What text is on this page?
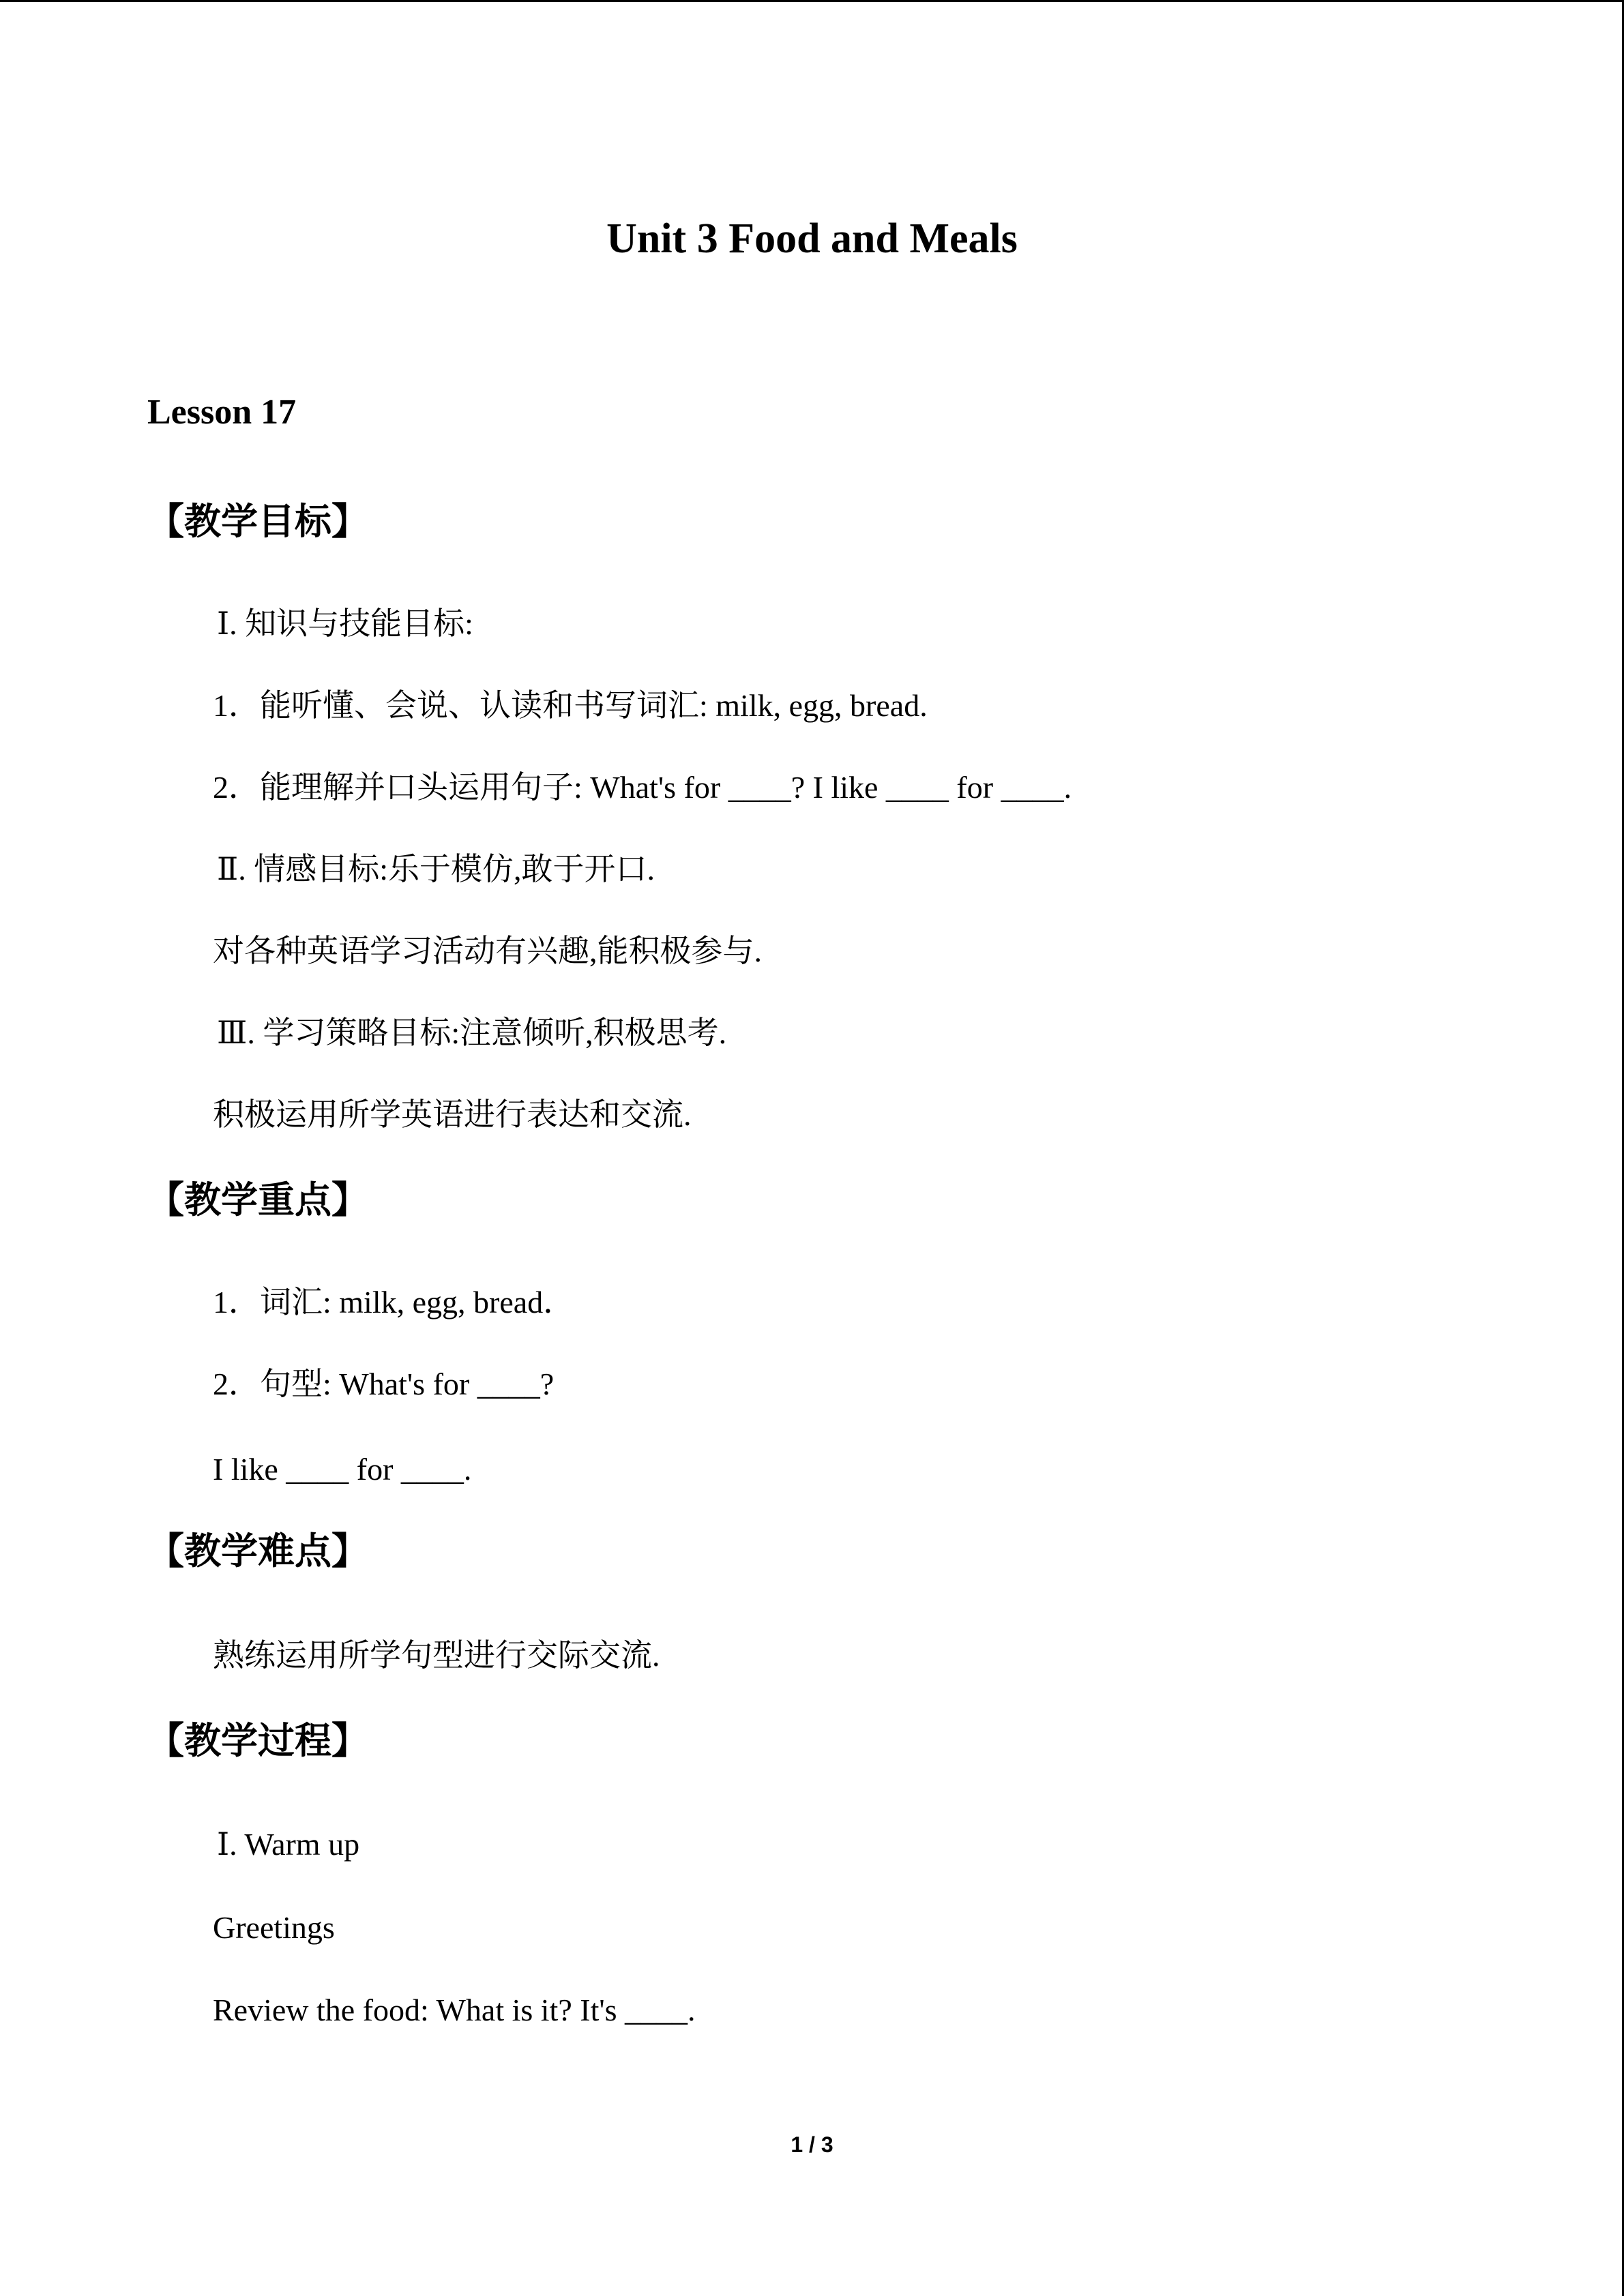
Unit 3 Food and Meals
Lesson 17
【教学目标】
Ⅰ. 知识与技能目标:
1．能听懂、会说、认读和书写词汇: milk, egg, bread.
2．能理解并口头运用句子: What's for ____? I like ____ for ____.
Ⅱ. 情感目标:乐于模仿,敢于开口.
对各种英语学习活动有兴趣,能积极参与.
Ⅲ. 学习策略目标:注意倾听,积极思考.
积极运用所学英语进行表达和交流.
【教学重点】
1．词汇: milk, egg, bread．
2．句型: What's for ____?
I like ____ for ____.
【教学难点】
熟练运用所学句型进行交际交流.
【教学过程】
Ⅰ. Warm up
Greetings
Review the food: What is it? It's ____.
1 / 3
